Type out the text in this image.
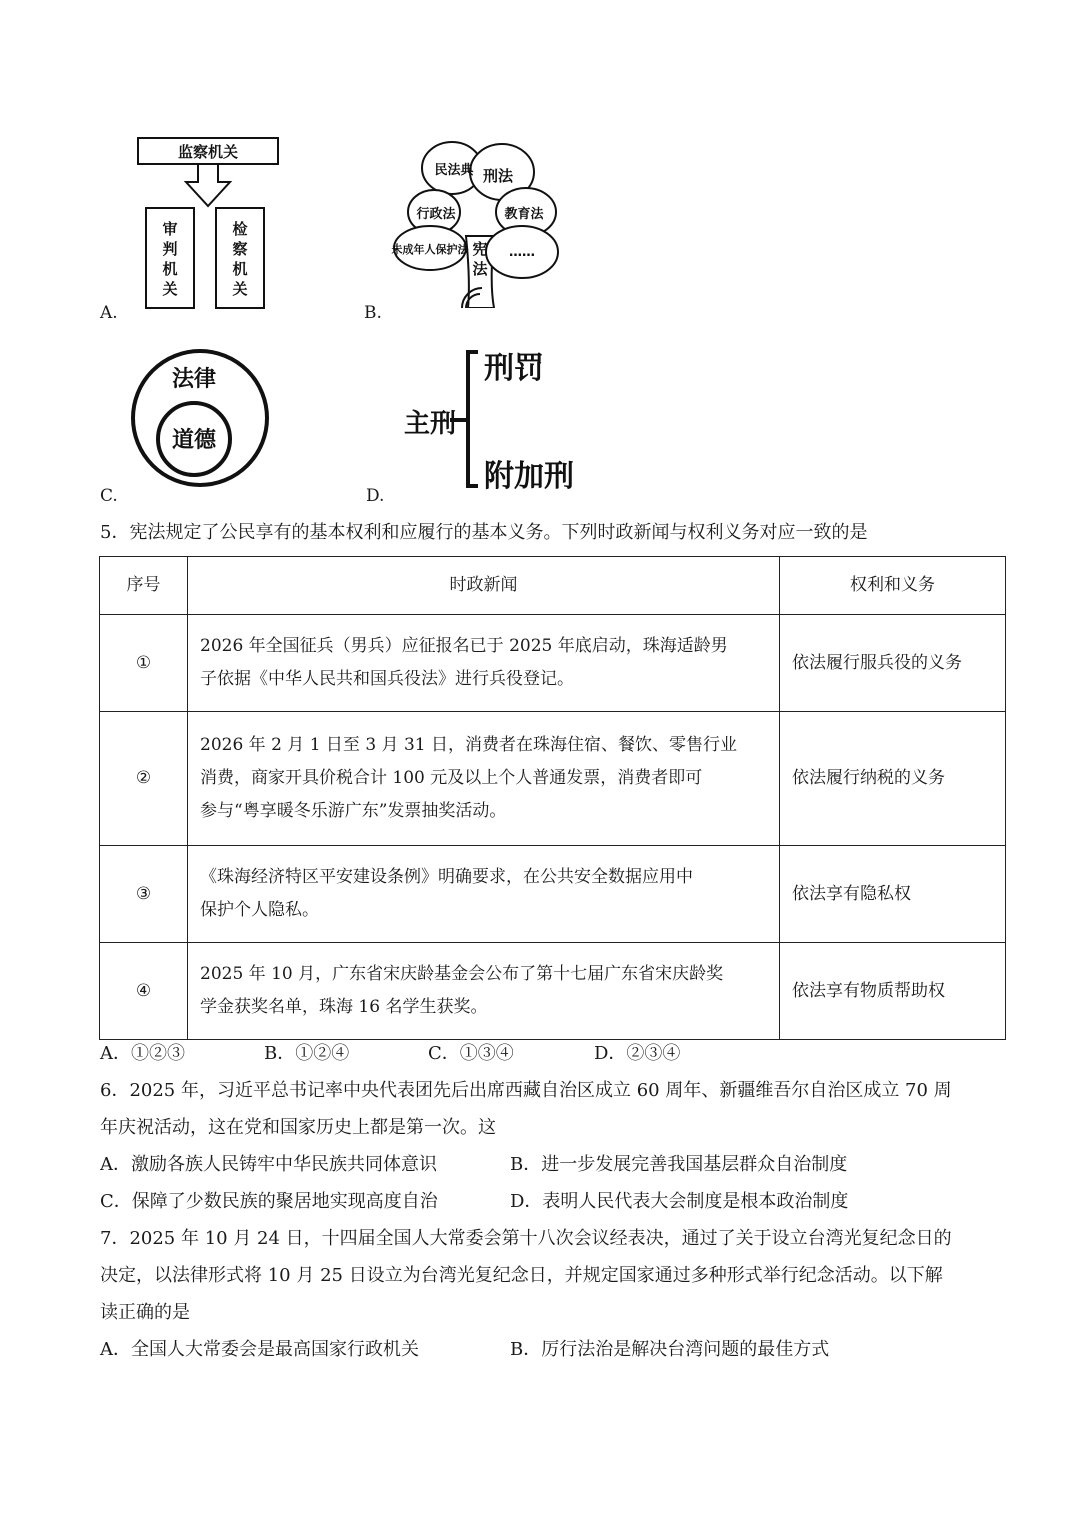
监察机关
审判机关
检察机关
A.
民法典 刑法
行政法	教育法
未成年人保护法	……
宪法
B.
法律
道德
C.
主刑
刑罚
附加刑
D.
5．宪法规定了公民享有的基本权利和应履行的基本义务。下列时政新闻与权利义务对应一致的是
序号	时政新闻	权利和义务
①	2026 年全国征兵（男兵）应征报名已于 2025 年底启动，珠海适龄男
子依据《中华人民共和国兵役法》进行兵役登记。	依法履行服兵役的义务
②	2026 年 2 月 1 日至 3 月 31 日，消费者在珠海住宿、餐饮、零售行业
消费，商家开具价税合计 100 元及以上个人普通发票，消费者即可
参与“粤享暖冬乐游广东”发票抽奖活动。	依法履行纳税的义务
③	《珠海经济特区平安建设条例》明确要求，在公共安全数据应用中
保护个人隐私。	依法享有隐私权
④	2025 年 10 月，广东省宋庆龄基金会公布了第十七届广东省宋庆龄奖
学金获奖名单，珠海 16 名学生获奖。	依法享有物质帮助权
A．①②③	B．①②④	C．①③④	D．②③④
6．2025 年，习近平总书记率中央代表团先后出席西藏自治区成立 60 周年、新疆维吾尔自治区成立 70 周
年庆祝活动，这在党和国家历史上都是第一次。这
A．激励各族人民铸牢中华民族共同体意识	B．进一步发展完善我国基层群众自治制度
C．保障了少数民族的聚居地实现高度自治	D．表明人民代表大会制度是根本政治制度
7．2025 年 10 月 24 日，十四届全国人大常委会第十八次会议经表决，通过了关于设立台湾光复纪念日的
决定，以法律形式将 10 月 25 日设立为台湾光复纪念日，并规定国家通过多种形式举行纪念活动。以下解
读正确的是
A．全国人大常委会是最高国家行政机关	B．厉行法治是解决台湾问题的最佳方式
